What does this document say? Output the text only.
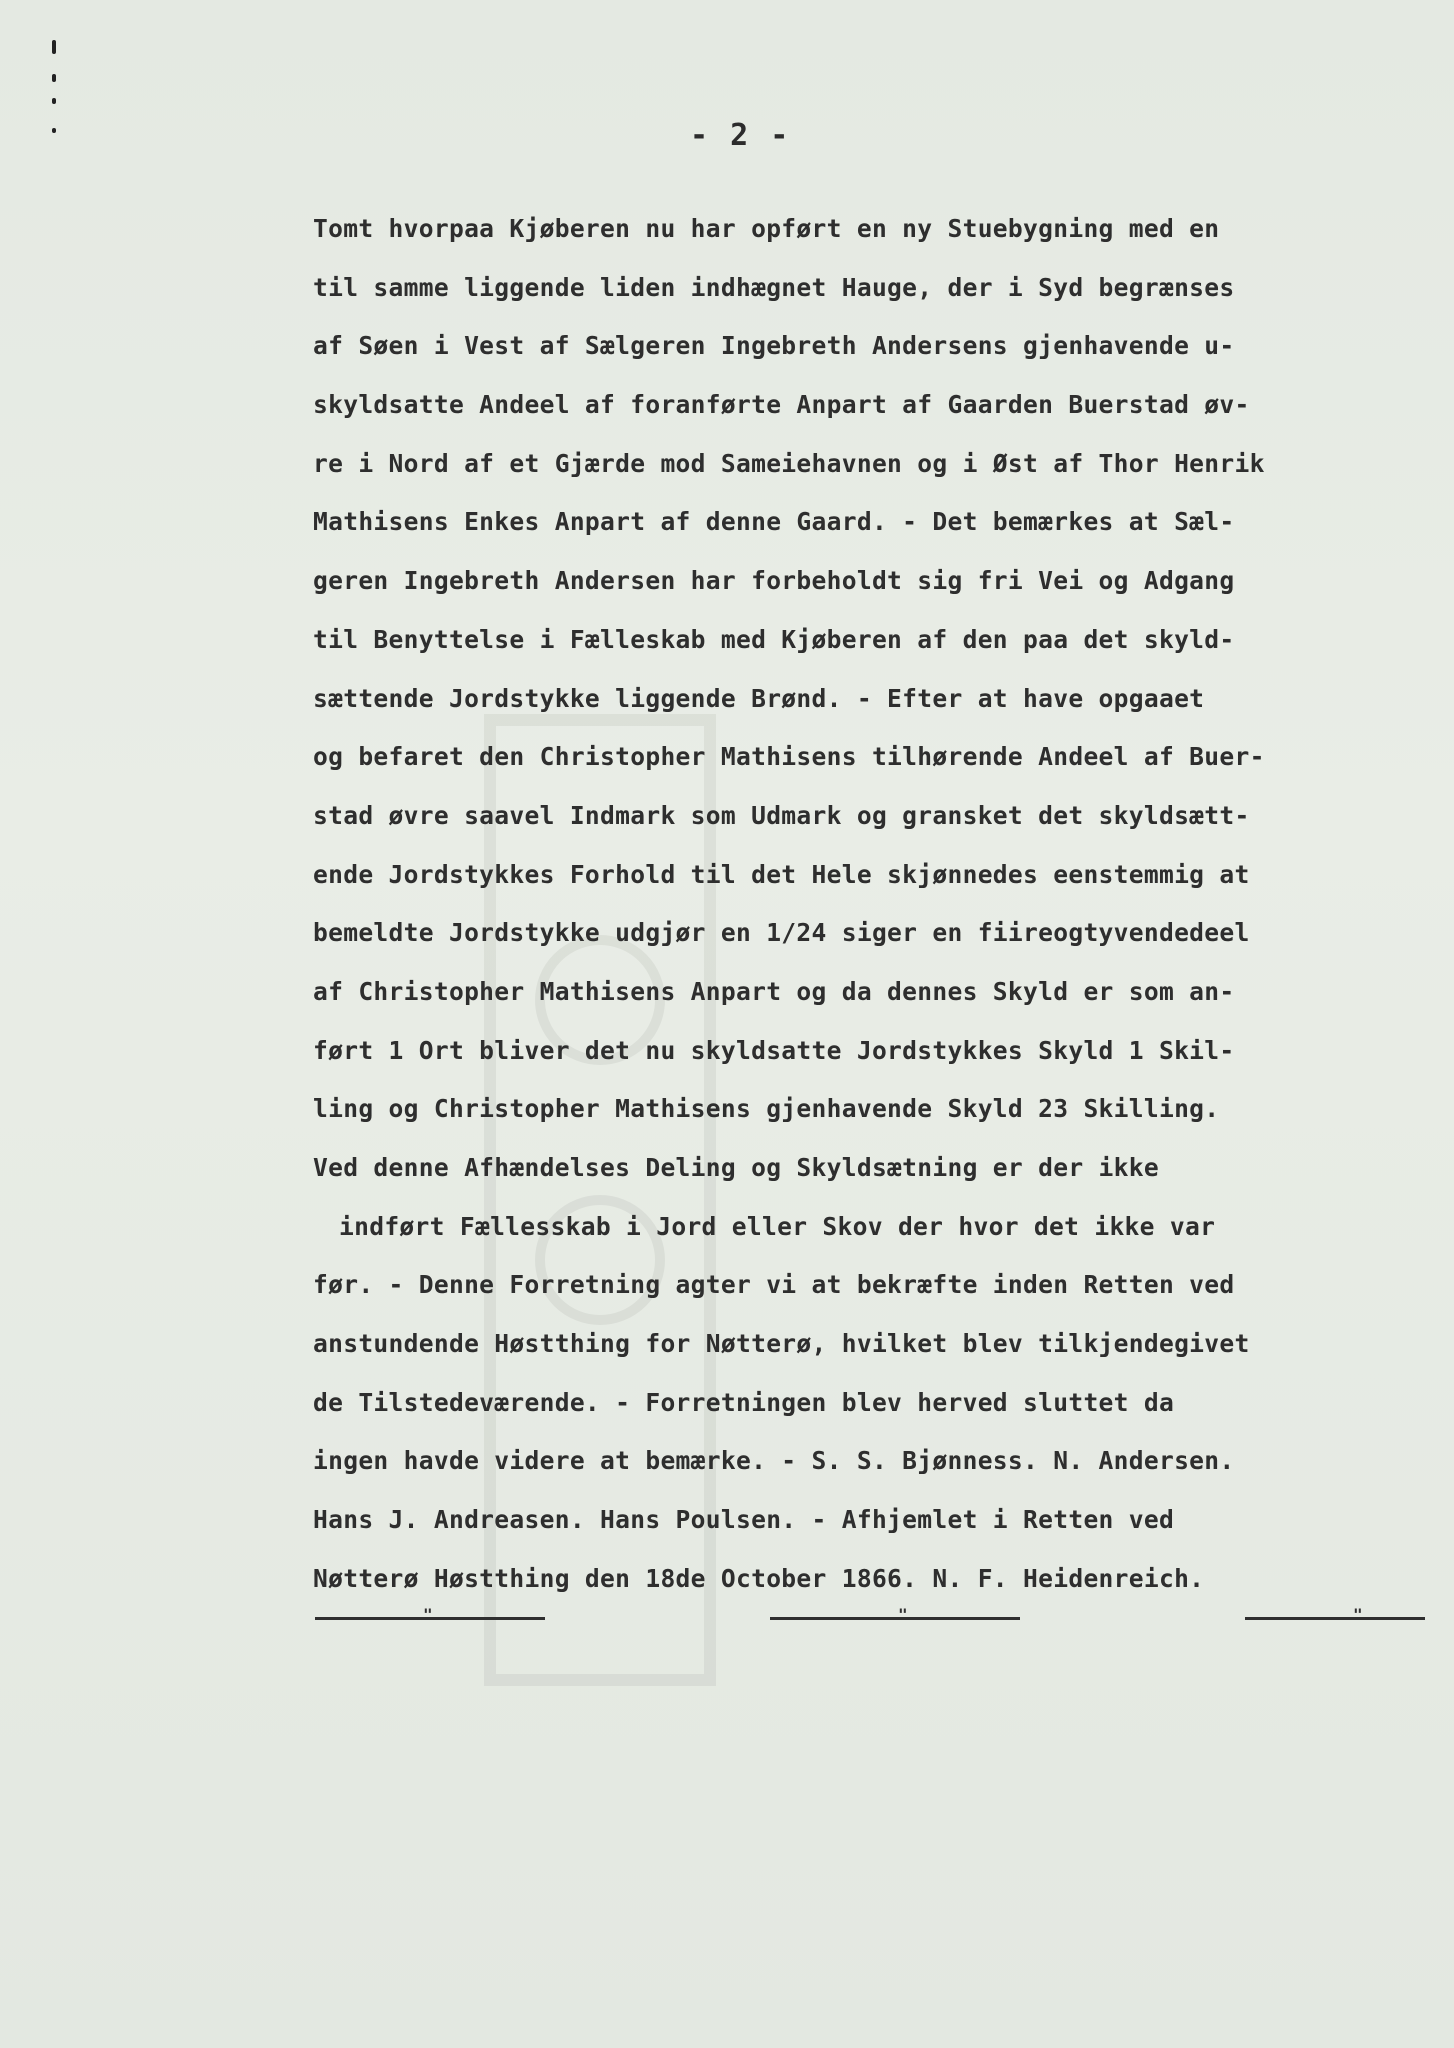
- 2 -
Tomt hvorpaa Kjøberen nu har opført en ny Stuebygning med en
til samme liggende liden indhægnet Hauge, der i Syd begrænses
af Søen i Vest af Sælgeren Ingebreth Andersens gjenhavende u-
skyldsatte Andeel af foranførte Anpart af Gaarden Buerstad øv-
re i Nord af et Gjærde mod Sameiehavnen og i Øst af Thor Henrik
Mathisens Enkes Anpart af denne Gaard. - Det bemærkes at Sæl-
geren Ingebreth Andersen har forbeholdt sig fri Vei og Adgang
til Benyttelse i Fælleskab med Kjøberen af den paa det skyld-
sættende Jordstykke liggende Brønd. - Efter at have opgaaet
og befaret den Christopher Mathisens tilhørende Andeel af Buer-
stad øvre saavel Indmark som Udmark og gransket det skyldsætt-
ende Jordstykkes Forhold til det Hele skjønnedes eenstemmig at
bemeldte Jordstykke udgjør en 1/24 siger en fiireogtyvendedeel
af Christopher Mathisens Anpart og da dennes Skyld er som an-
ført 1 Ort bliver det nu skyldsatte Jordstykkes Skyld 1 Skil-
ling og Christopher Mathisens gjenhavende Skyld 23 Skilling.
Ved denne Afhændelses Deling og Skyldsætning er der ikke
indført Fællesskab i Jord eller Skov der hvor det ikke var
før. - Denne Forretning agter vi at bekræfte inden Retten ved
anstundende Høstthing for Nøtterø, hvilket blev tilkjendegivet
de Tilstedeværende. - Forretningen blev herved sluttet da
ingen havde videre at bemærke. - S. S. Bjønness. N. Andersen.
Hans J. Andreasen. Hans Poulsen. - Afhjemlet i Retten ved
Nøtterø Høstthing den 18de October 1866. N. F. Heidenreich.
"	"	"
